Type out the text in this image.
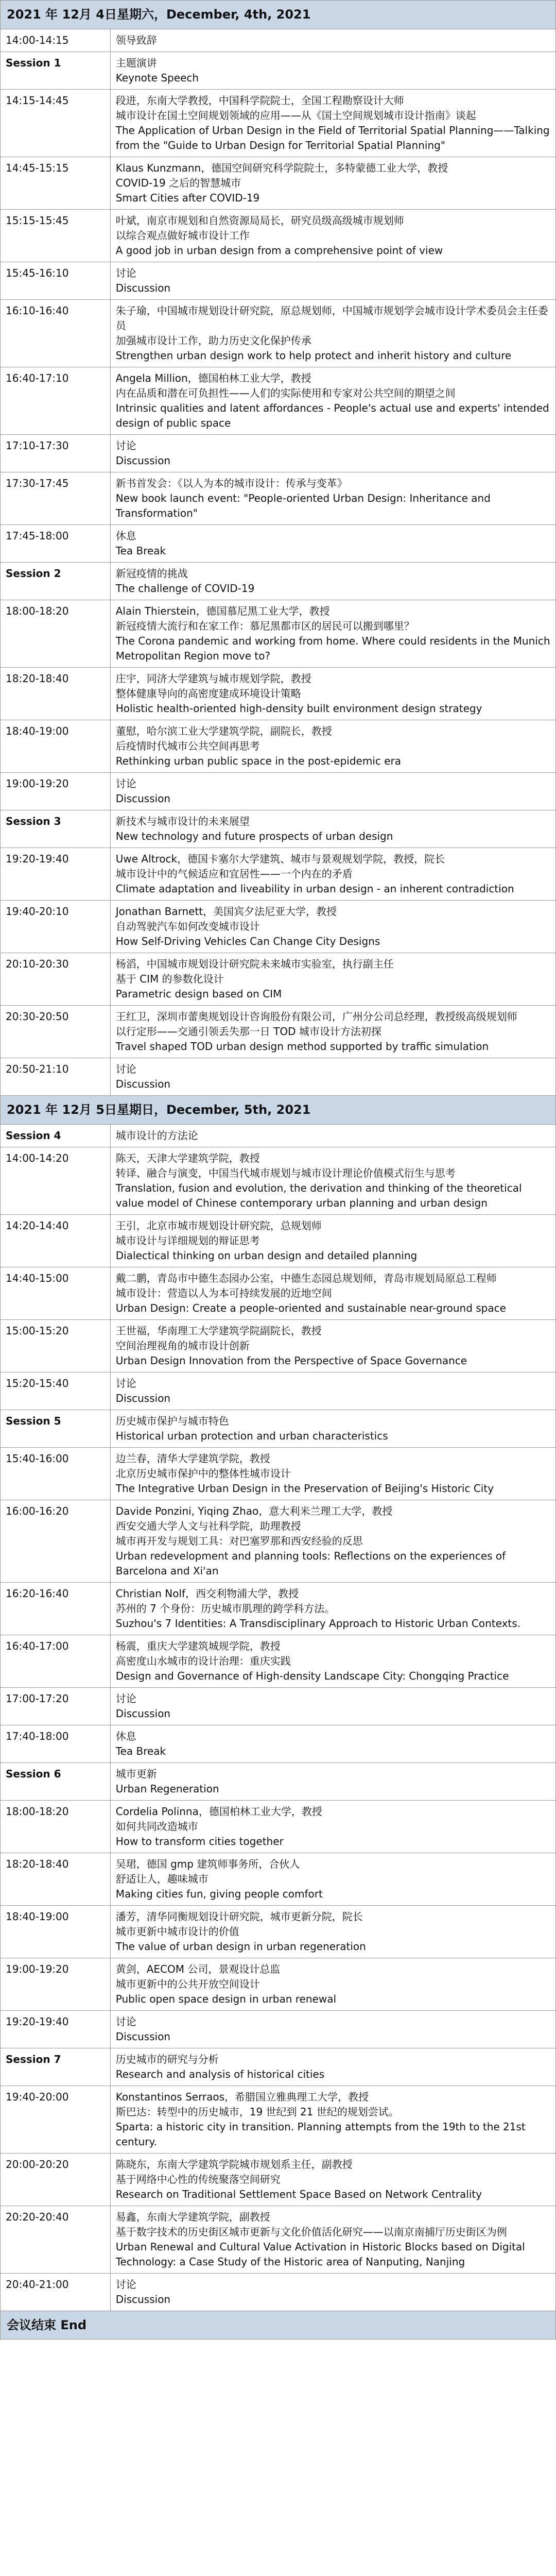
2021 年 12月 4日星期六，December, 4th, 2021	
14:00-14:15	领导致辞

Session 1	主题演讲
Keynote Speech

14:15-14:45	段进，东南大学教授，中国科学院院士，全国工程勘察设计大师
城市设计在国土空间规划领域的应用——从《国土空间规划城市设计指南》谈起
The Application of Urban Design in the Field of Territorial Spatial Planning——Talking from the "Guide to Urban Design for Territorial Spatial Planning"

14:45-15:15	Klaus Kunzmann，德国空间研究科学院院士，多特蒙德工业大学，教授
COVID-19 之后的智慧城市
Smart Cities after COVID-19

15:15-15:45	叶斌，南京市规划和自然资源局局长，研究员级高级城市规划师
以综合观点做好城市设计工作
A good job in urban design from a comprehensive point of view

15:45-16:10	讨论
Discussion

16:10-16:40	朱子瑜，中国城市规划设计研究院，原总规划师，中国城市规划学会城市设计学术委员会主任委员
加强城市设计工作，助力历史文化保护传承
Strengthen urban design work to help protect and inherit history and culture

16:40-17:10	Angela Million，德国柏林工业大学，教授
内在品质和潜在可负担性——人们的实际使用和专家对公共空间的期望之间
Intrinsic qualities and latent affordances - People's actual use and experts' intended design of public space

17:10-17:30	讨论
Discussion

17:30-17:45	新书首发会：《以人为本的城市设计：传承与变革》
New book launch event: "People-oriented Urban Design: Inheritance and Transformation"

17:45-18:00	休息
Tea Break

Session 2	新冠疫情的挑战
The challenge of COVID-19

18:00-18:20	Alain Thierstein，德国慕尼黑工业大学，教授
新冠疫情大流行和在家工作：慕尼黑都市区的居民可以搬到哪里？
The Corona pandemic and working from home. Where could residents in the Munich Metropolitan Region move to?

18:20-18:40	庄宇，同济大学建筑与城市规划学院，教授
整体健康导向的高密度建成环境设计策略
Holistic health-oriented high-density built environment design strategy

18:40-19:00	董慰，哈尔滨工业大学建筑学院，副院长，教授
后疫情时代城市公共空间再思考
Rethinking urban public space in the post-epidemic era

19:00-19:20	讨论
Discussion

Session 3	新技术与城市设计的未来展望
New technology and future prospects of urban design

19:20-19:40	Uwe Altrock，德国卡塞尔大学建筑、城市与景观规划学院，教授，院长
城市设计中的气候适应和宜居性——一个内在的矛盾
Climate adaptation and liveability in urban design - an inherent contradiction

19:40-20:10	Jonathan Barnett，美国宾夕法尼亚大学，教授
自动驾驶汽车如何改变城市设计
How Self-Driving Vehicles Can Change City Designs

20:10-20:30	杨滔，中国城市规划设计研究院未来城市实验室，执行副主任
基于 CIM 的参数化设计
Parametric design based on CIM

20:30-20:50	王红卫，深圳市蕾奥规划设计咨询股份有限公司，广州分公司总经理，教授级高级规划师
以行定形——交通引领丢失那一日 TOD 城市设计方法初探
Travel shaped TOD urban design method supported by traffic simulation

20:50-21:10	讨论
Discussion

2021 年 12月 5日星期日，December, 5th, 2021	
Session 4	城市设计的方法论

14:00-14:20	陈天，天津大学建筑学院，教授
转译、融合与演变，中国当代城市规划与城市设计理论价值模式衍生与思考
Translation, fusion and evolution, the derivation and thinking of the theoretical value model of Chinese contemporary urban planning and urban design

14:20-14:40	王引，北京市城市规划设计研究院，总规划师
城市设计与详细规划的辩证思考
Dialectical thinking on urban design and detailed planning

14:40-15:00	戴二鹏，青岛市中德生态园办公室，中德生态园总规划师，青岛市规划局原总工程师
城市设计：营造以人为本可持续发展的近地空间
Urban Design: Create a people-oriented and sustainable near-ground space

15:00-15:20	王世福，华南理工大学建筑学院副院长，教授
空间治理视角的城市设计创新
Urban Design Innovation from the Perspective of Space Governance

15:20-15:40	讨论
Discussion

Session 5	历史城市保护与城市特色
Historical urban protection and urban characteristics

15:40-16:00	边兰春，清华大学建筑学院，教授
北京历史城市保护中的整体性城市设计
The Integrative Urban Design in the Preservation of Beijing's Historic City

16:00-16:20	Davide Ponzini, Yiqing Zhao，意大利米兰理工大学，教授
西安交通大学人文与社科学院，助理教授
城市再开发与规划工具：对巴塞罗那和西安经验的反思
Urban redevelopment and planning tools: Reflections on the experiences of Barcelona and Xi'an

16:20-16:40	Christian Nolf，西交利物浦大学，教授
苏州的 7 个身份：历史城市肌理的跨学科方法。
Suzhou's 7 Identities: A Transdisciplinary Approach to Historic Urban Contexts.

16:40-17:00	杨震，重庆大学建筑城规学院，教授
高密度山水城市的设计治理：重庆实践
Design and Governance of High-density Landscape City: Chongqing Practice

17:00-17:20	讨论
Discussion

17:40-18:00	休息
Tea Break

Session 6	城市更新
Urban Regeneration

18:00-18:20	Cordelia Polinna，德国柏林工业大学，教授
如何共同改造城市
How to transform cities together

18:20-18:40	吴珺，德国 gmp 建筑师事务所，合伙人
舒适让人，趣味城市
Making cities fun, giving people comfort

18:40-19:00	潘芳，清华同衡规划设计研究院，城市更新分院，院长
城市更新中城市设计的价值
The value of urban design in urban regeneration

19:00-19:20	黄剑，AECOM 公司，景观设计总监
城市更新中的公共开放空间设计
Public open space design in urban renewal

19:20-19:40	讨论
Discussion

Session 7	历史城市的研究与分析
Research and analysis of historical cities

19:40-20:00	Konstantinos Serraos，希腊国立雅典理工大学，教授
斯巴达：转型中的历史城市，19 世纪到 21 世纪的规划尝试。
Sparta: a historic city in transition. Planning attempts from the 19th to the 21st century.

20:00-20:20	陈晓东，东南大学建筑学院城市规划系主任，副教授
基于网络中心性的传统聚落空间研究
Research on Traditional Settlement Space Based on Network Centrality

20:20-20:40	易鑫，东南大学建筑学院，副教授
基于数字技术的历史街区城市更新与文化价值活化研究——以南京南捕厅历史街区为例
Urban Renewal and Cultural Value Activation in Historic Blocks based on Digital Technology: a Case Study of the Historic area of Nanputing, Nanjing

20:40-21:00	讨论
Discussion

会议结束 End	
